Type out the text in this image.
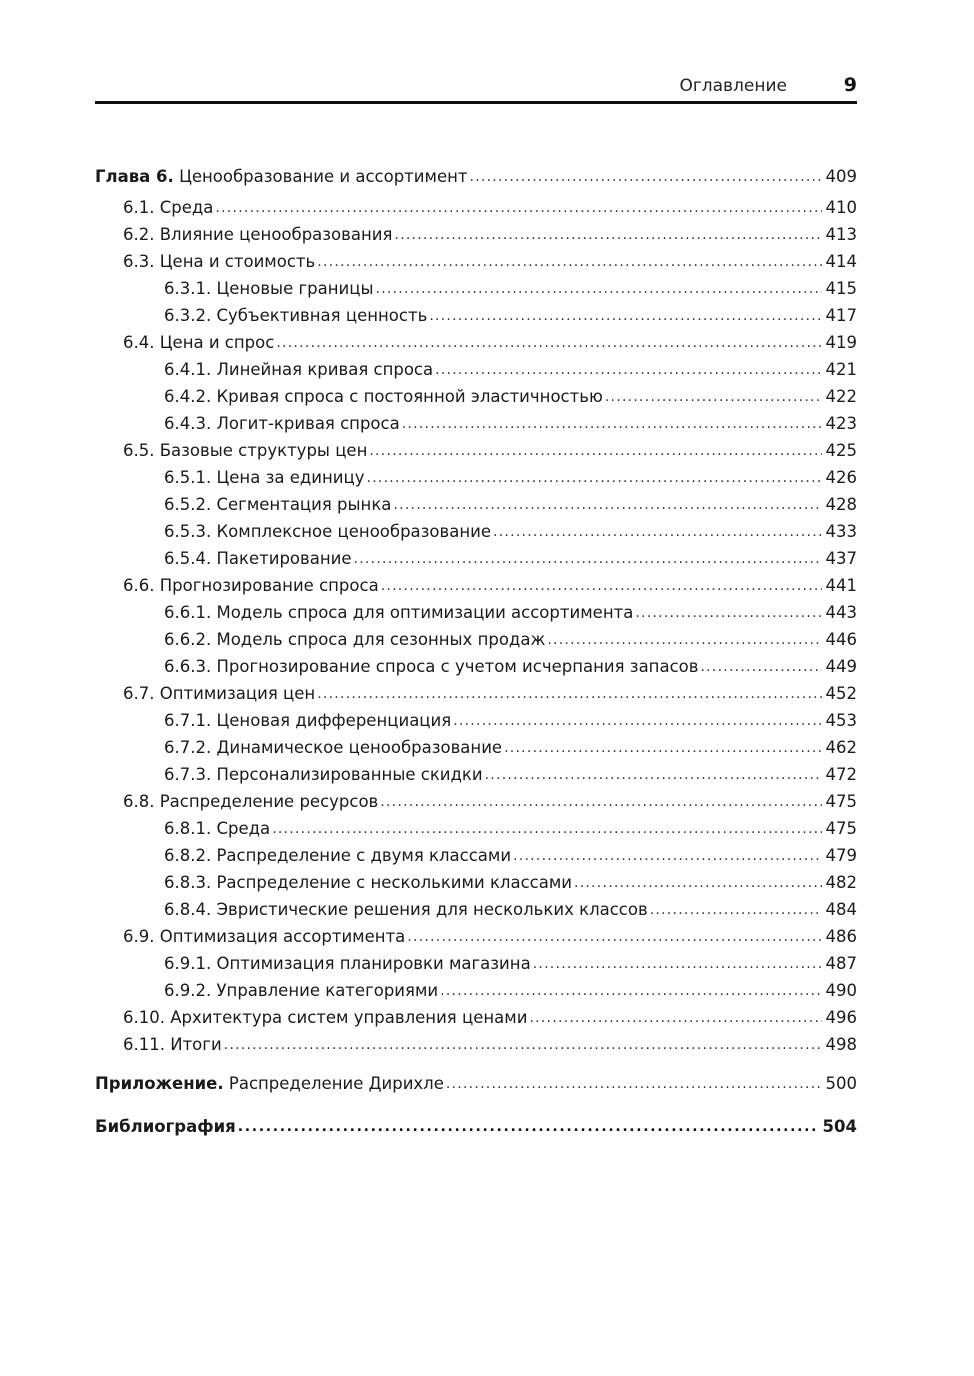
Оглавление	9
Глава 6. Ценообразование и ассортимент . . .	409
6.1. Среда . . .	410
6.2. Влияние ценообразования . . .	413
6.3. Цена и стоимость . . .	414
6.3.1. Ценовые границы . . .	415
6.3.2. Субъективная ценность . . .	417
6.4. Цена и спрос . . .	419
6.4.1. Линейная кривая спроса . . .	421
6.4.2. Кривая спроса с постоянной эластичностью . . .	422
6.4.3. Логит-кривая спроса . . .	423
6.5. Базовые структуры цен . . .	425
6.5.1. Цена за единицу . . .	426
6.5.2. Сегментация рынка . . .	428
6.5.3. Комплексное ценообразование . . .	433
6.5.4. Пакетирование . . .	437
6.6. Прогнозирование спроса . . .	441
6.6.1. Модель спроса для оптимизации ассортимента . . .	443
6.6.2. Модель спроса для сезонных продаж . . .	446
6.6.3. Прогнозирование спроса с учетом исчерпания запасов . . .	449
6.7. Оптимизация цен . . .	452
6.7.1. Ценовая дифференциация . . .	453
6.7.2. Динамическое ценообразование . . .	462
6.7.3. Персонализированные скидки . . .	472
6.8. Распределение ресурсов . . .	475
6.8.1. Среда . . .	475
6.8.2. Распределение с двумя классами . . .	479
6.8.3. Распределение с несколькими классами . . .	482
6.8.4. Эвристические решения для нескольких классов . . .	484
6.9. Оптимизация ассортимента . . .	486
6.9.1. Оптимизация планировки магазина . . .	487
6.9.2. Управление категориями . . .	490
6.10. Архитектура систем управления ценами . . .	496
6.11. Итоги . . .	498
Приложение. Распределение Дирихле . . .	500
Библиография . . .	504
